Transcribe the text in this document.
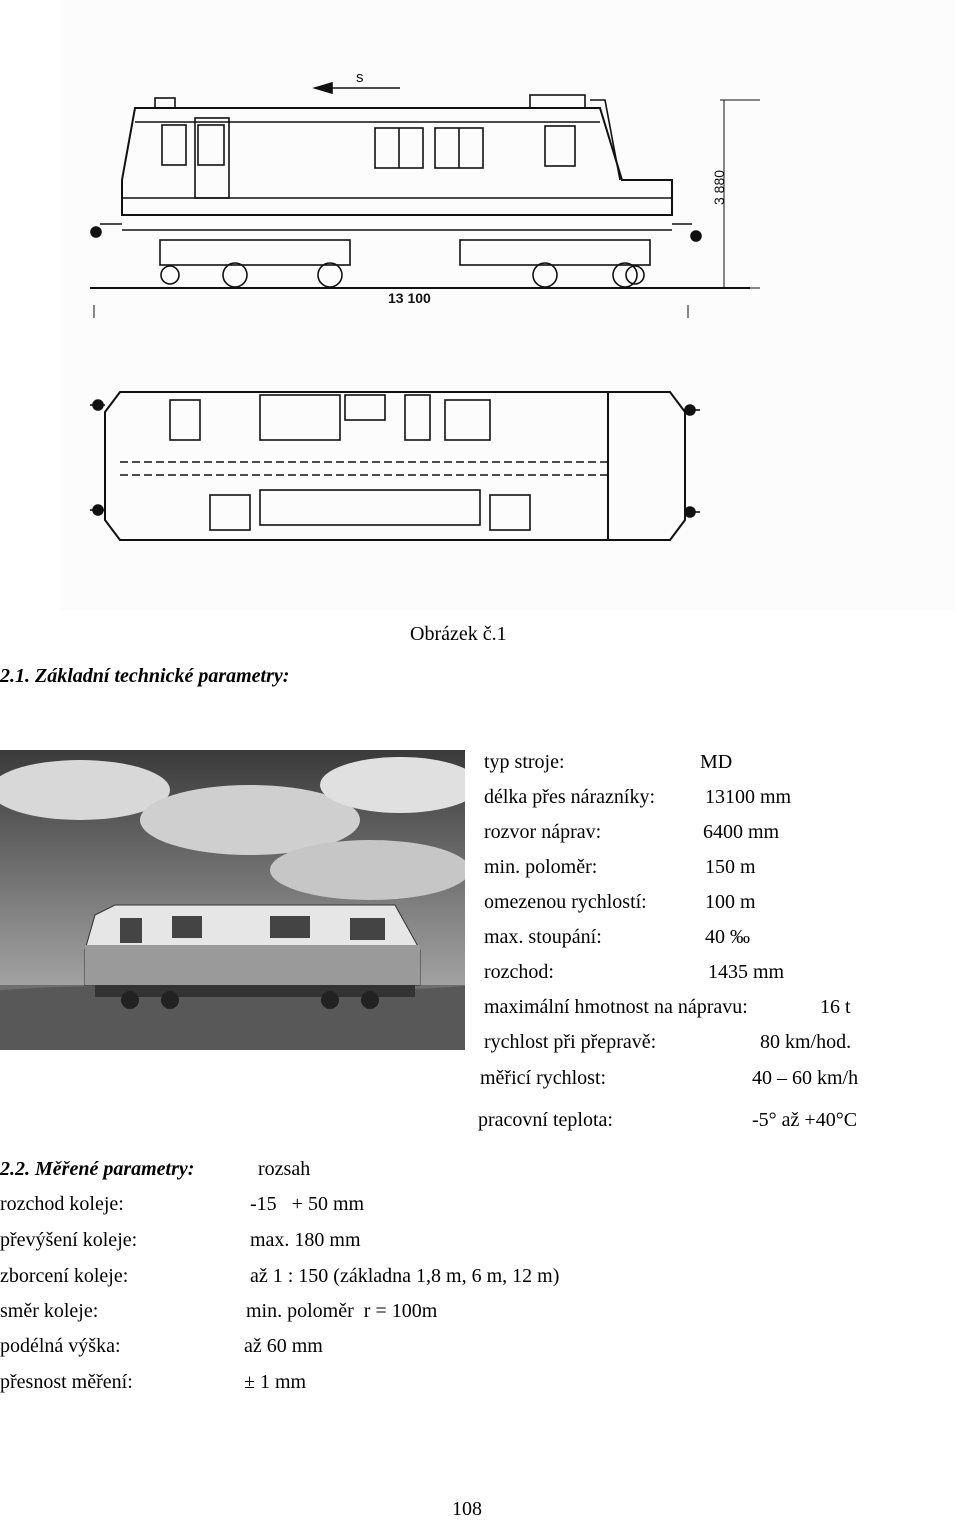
s
3 880
13 100
Obrázek č.1
2.1. Základní technické parametry:
typ stroje:	MD
délka přes nárazníky: 13100 mm
rozvor náprav:	6400 mm
min. poloměr:	150 m
omezenou rychlostí:	100 m
max. stoupání:	40 ‰
rozchod:	1435 mm
maximální hmotnost na nápravu:	16 t
rychlost při přepravě:	80 km/hod.
měřicí rychlost:	40 – 60 km/h
pracovní teplota:	-5° až +40°C
2.2. Měřené parametry:	rozsah
rozchod koleje:	-15   + 50 mm
převýšení koleje:	max. 180 mm
zborcení koleje:	až 1 : 150 (základna 1,8 m, 6 m, 12 m)
směr koleje:	min. poloměr  r = 100m
podélná výška:	až 60 mm
přesnost měření:	± 1 mm
108
